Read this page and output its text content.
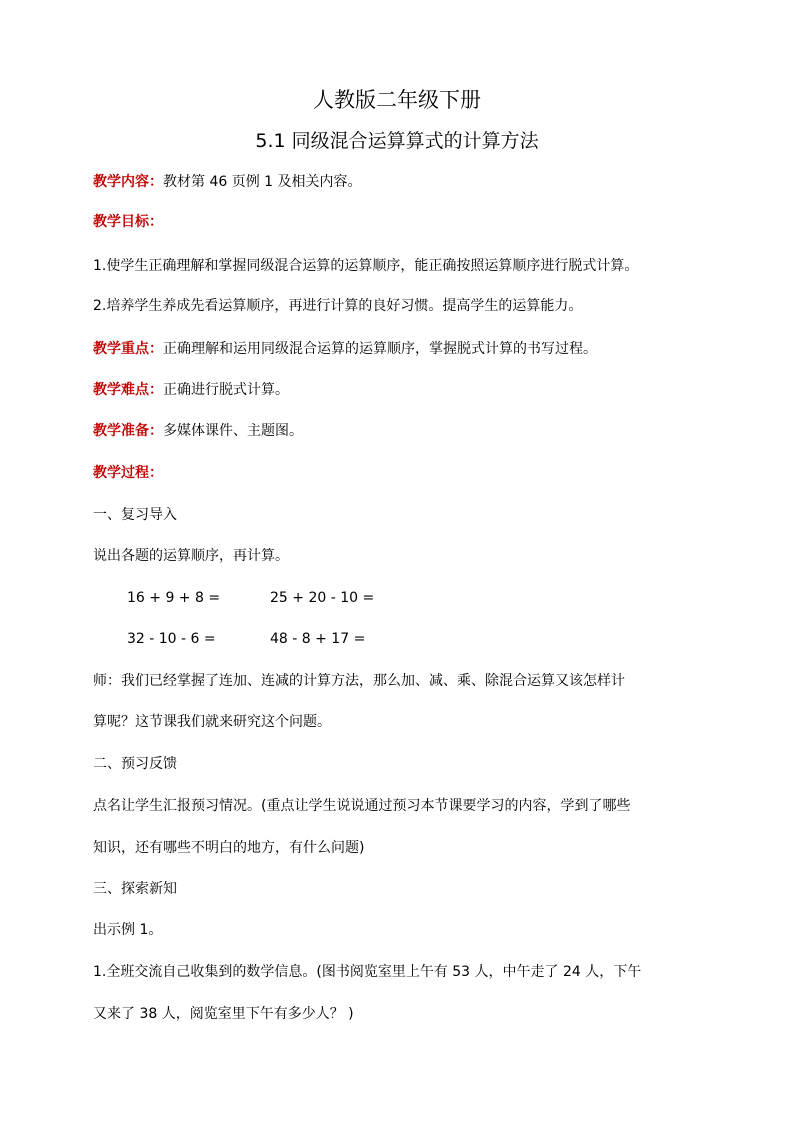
人教版二年级下册
5.1 同级混合运算算式的计算方法
教学内容：教材第 46 页例 1 及相关内容。
教学目标：
1.使学生正确理解和掌握同级混合运算的运算顺序，能正确按照运算顺序进行脱式计算。
2.培养学生养成先看运算顺序，再进行计算的良好习惯。提高学生的运算能力。
教学重点：正确理解和运用同级混合运算的运算顺序，掌握脱式计算的书写过程。
教学难点：正确进行脱式计算。
教学准备：多媒体课件、主题图。
教学过程：
一、复习导入
说出各题的运算顺序，再计算。
16 + 9 + 8 =	25 + 20 - 10 =
32 - 10 - 6 =	48 - 8 + 17 =
师：我们已经掌握了连加、连减的计算方法，那么加、减、乘、除混合运算又该怎样计
算呢？这节课我们就来研究这个问题。
二、预习反馈
点名让学生汇报预习情况。(重点让学生说说通过预习本节课要学习的内容，学到了哪些
知识，还有哪些不明白的地方，有什么问题)
三、探索新知
出示例 1。
1.全班交流自己收集到的数学信息。(图书阅览室里上午有 53 人，中午走了 24 人，下午
又来了 38 人，阅览室里下午有多少人？ )
